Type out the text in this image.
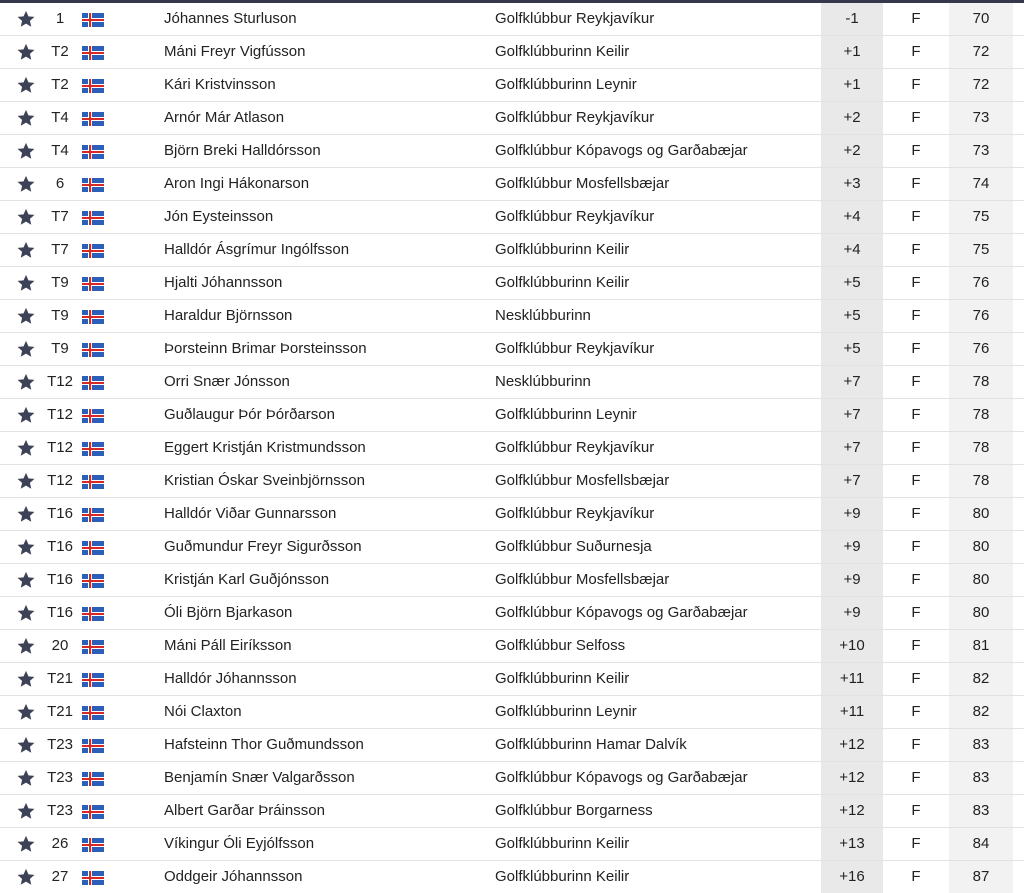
1	Jóhannes Sturluson	Golfklúbbur Reykjavíkur	-1	F	70
T2	Máni Freyr Vigfússon	Golfklúbburinn Keilir	+1	F	72
T2	Kári Kristvinsson	Golfklúbburinn Leynir	+1	F	72
T4	Arnór Már Atlason	Golfklúbbur Reykjavíkur	+2	F	73
T4	Björn Breki Halldórsson	Golfklúbbur Kópavogs og Garðabæjar	+2	F	73
6	Aron Ingi Hákonarson	Golfklúbbur Mosfellsbæjar	+3	F	74
T7	Jón Eysteinsson	Golfklúbbur Reykjavíkur	+4	F	75
T7	Halldór Ásgrímur Ingólfsson	Golfklúbburinn Keilir	+4	F	75
T9	Hjalti Jóhannsson	Golfklúbburinn Keilir	+5	F	76
T9	Haraldur Björnsson	Nesklúbburinn	+5	F	76
T9	Þorsteinn Brimar Þorsteinsson	Golfklúbbur Reykjavíkur	+5	F	76
T12	Orri Snær Jónsson	Nesklúbburinn	+7	F	78
T12	Guðlaugur Þór Þórðarson	Golfklúbburinn Leynir	+7	F	78
T12	Eggert Kristján Kristmundsson	Golfklúbbur Reykjavíkur	+7	F	78
T12	Kristian Óskar Sveinbjörnsson	Golfklúbbur Mosfellsbæjar	+7	F	78
T16	Halldór Viðar Gunnarsson	Golfklúbbur Reykjavíkur	+9	F	80
T16	Guðmundur Freyr Sigurðsson	Golfklúbbur Suðurnesja	+9	F	80
T16	Kristján Karl Guðjónsson	Golfklúbbur Mosfellsbæjar	+9	F	80
T16	Óli Björn Bjarkason	Golfklúbbur Kópavogs og Garðabæjar	+9	F	80
20	Máni Páll Eiríksson	Golfklúbbur Selfoss	+10	F	81
T21	Halldór Jóhannsson	Golfklúbburinn Keilir	+11	F	82
T21	Nói Claxton	Golfklúbburinn Leynir	+11	F	82
T23	Hafsteinn Thor Guðmundsson	Golfklúbburinn Hamar Dalvík	+12	F	83
T23	Benjamín Snær Valgarðsson	Golfklúbbur Kópavogs og Garðabæjar	+12	F	83
T23	Albert Garðar Þráinsson	Golfklúbbur Borgarness	+12	F	83
26	Víkingur Óli Eyjólfsson	Golfklúbburinn Keilir	+13	F	84
27	Oddgeir Jóhannsson	Golfklúbburinn Keilir	+16	F	87
